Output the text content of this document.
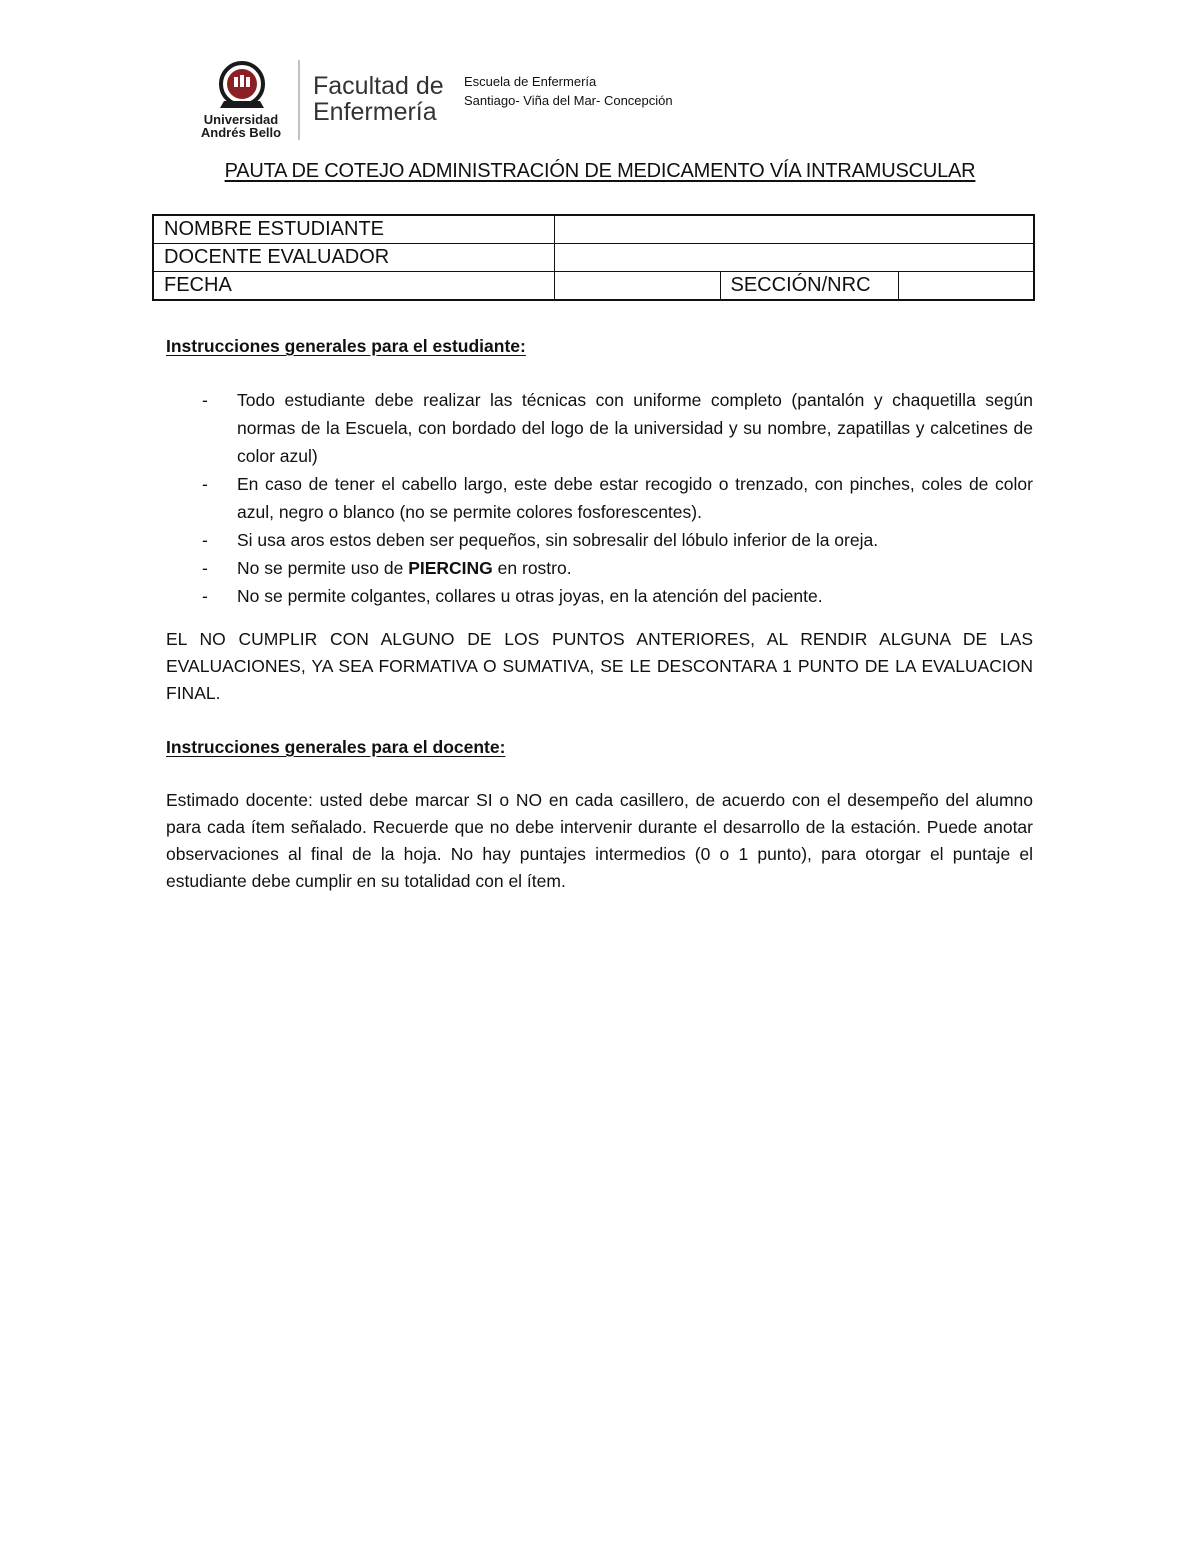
Universidad
Andrés Bello
Facultad de
Enfermería
Escuela de Enfermería
Santiago- Viña del Mar- Concepción
PAUTA DE COTEJO ADMINISTRACIÓN DE MEDICAMENTO VÍA INTRAMUSCULAR
NOMBRE ESTUDIANTE			
DOCENTE EVALUADOR			
FECHA		SECCIÓN/NRC	

Instrucciones generales para el estudiante:

- Todo estudiante debe realizar las técnicas con uniforme completo (pantalón y chaquetilla según normas de la Escuela, con bordado del logo de la universidad y su nombre, zapatillas y calcetines de color azul)
- En caso de tener el cabello largo, este debe estar recogido o trenzado, con pinches, coles de color azul, negro o blanco (no se permite colores fosforescentes).
- Si usa aros estos deben ser pequeños, sin sobresalir del lóbulo inferior de la oreja.
- No se permite uso de PIERCING en rostro.
- No se permite colgantes, collares u otras joyas, en la atención del paciente.

EL NO CUMPLIR CON ALGUNO DE LOS PUNTOS ANTERIORES, AL RENDIR ALGUNA DE LAS EVALUACIONES, YA SEA FORMATIVA O SUMATIVA, SE LE DESCONTARA 1 PUNTO DE LA EVALUACION FINAL.

Instrucciones generales para el docente:

Estimado docente: usted debe marcar SI o NO en cada casillero, de acuerdo con el desempeño del alumno para cada ítem señalado. Recuerde que no debe intervenir durante el desarrollo de la estación. Puede anotar observaciones al final de la hoja. No hay puntajes intermedios (0 o 1 punto), para otorgar el puntaje el estudiante debe cumplir en su totalidad con el ítem.
